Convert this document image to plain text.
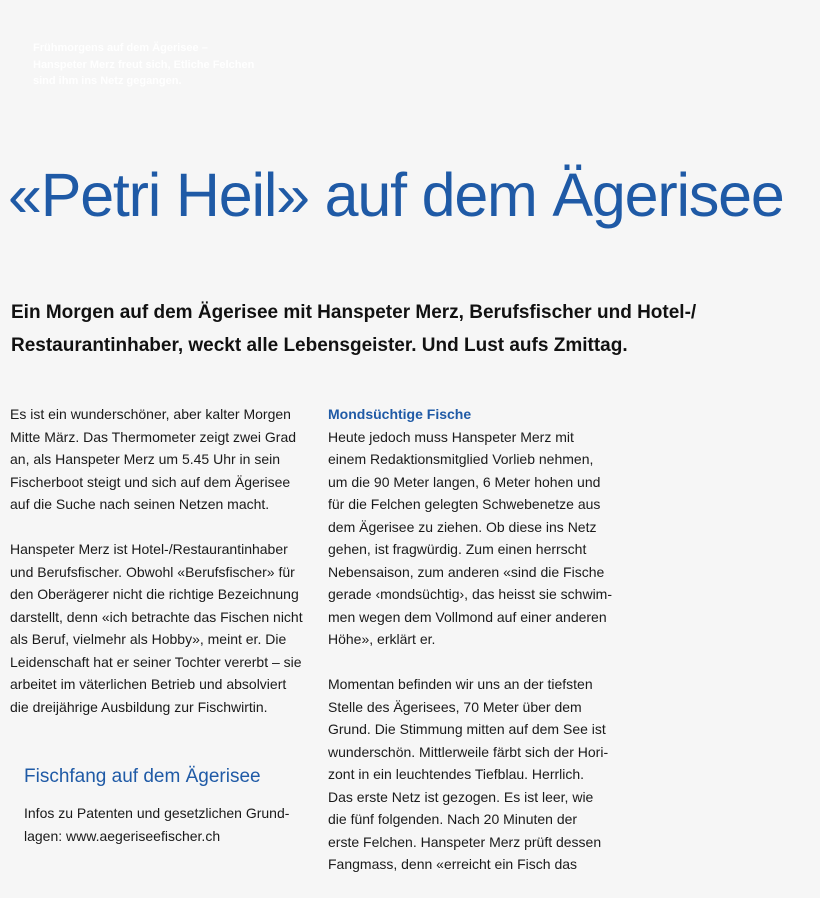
Frühmorgens auf dem Ägerisee –
Hanspeter Merz freut sich, Etliche Felchen
sind ihm ins Netz gegangen.
«Petri Heil» auf dem Ägerisee
Ein Morgen auf dem Ägerisee mit Hanspeter Merz, Berufsfischer und Hotel-/
Restaurantinhaber, weckt alle Lebensgeister. Und Lust aufs Zmittag.

Es ist ein wunderschöner, aber kalter Morgen
Mitte März. Das Thermometer zeigt zwei Grad
an, als Hanspeter Merz um 5.45 Uhr in sein
Fischerboot steigt und sich auf dem Ägerisee
auf die Suche nach seinen Netzen macht.

Hanspeter Merz ist Hotel-/Restaurantinhaber
und Berufsfischer. Obwohl «Berufsfischer» für
den Oberägerer nicht die richtige Bezeichnung
darstellt, denn «ich betrachte das Fischen nicht
als Beruf, vielmehr als Hobby», meint er. Die
Leidenschaft hat er seiner Tochter vererbt – sie
arbeitet im väterlichen Betrieb und absolviert
die dreijährige Ausbildung zur Fischwirtin.

Fischfang auf dem Ägerisee
Infos zu Patenten und gesetzlichen Grund-
lagen: www.aegeriseefischer.ch
Mondsüchtige Fische

Heute jedoch muss Hanspeter Merz mit
einem Redaktionsmitglied Vorlieb nehmen,
um die 90 Meter langen, 6 Meter hohen und
für die Felchen gelegten Schwebenetze aus
dem Ägerisee zu ziehen. Ob diese ins Netz
gehen, ist fragwürdig. Zum einen herrscht
Nebensaison, zum anderen «sind die Fische
gerade ‹mondsüchtig›, das heisst sie schwim-
men wegen dem Vollmond auf einer anderen
Höhe», erklärt er.

Momentan befinden wir uns an der tiefsten
Stelle des Ägerisees, 70 Meter über dem
Grund. Die Stimmung mitten auf dem See ist
wunderschön. Mittlerweile färbt sich der Hori-
zont in ein leuchtendes Tiefblau. Herrlich.
Das erste Netz ist gezogen. Es ist leer, wie
die fünf folgenden. Nach 20 Minuten der
erste Felchen. Hanspeter Merz prüft dessen
Fangmass, denn «erreicht ein Fisch das
